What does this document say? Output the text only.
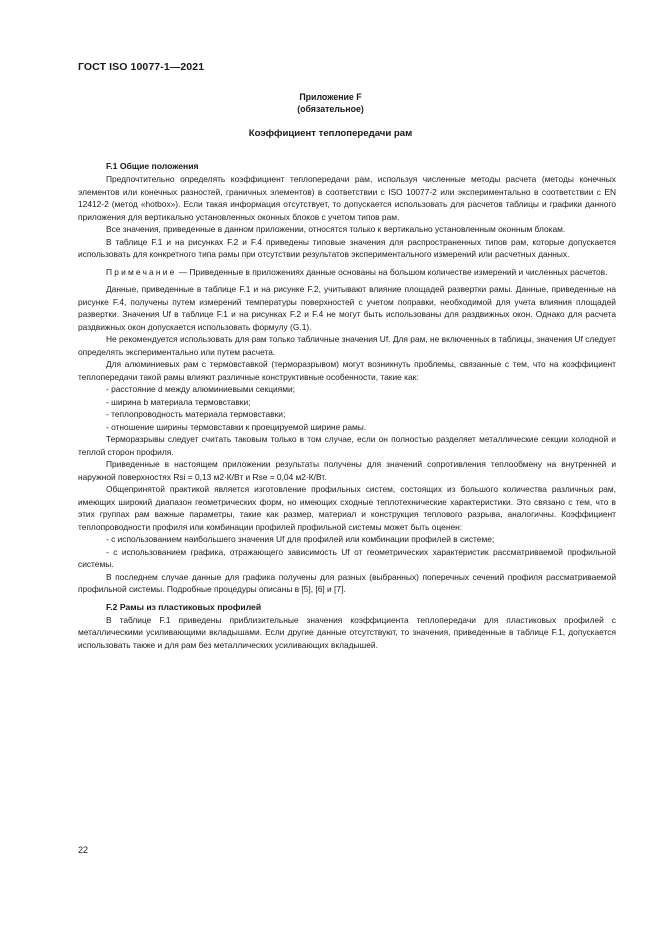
ГОСТ ISO 10077-1—2021
Приложение F
(обязательное)
Коэффициент теплопередачи рам
F.1 Общие положения

Предпочтительно определять коэффициент теплопередачи рам, используя численные методы расчета (методы конечных элементов или конечных разностей, граничных элементов) в соответствии с ISO 10077-2 или экспериментально в соответствии с EN 12412-2 (метод «hotbox»). Если такая информация отсутствует, то допускается использовать для расчетов таблицы и графики данного приложения для вертикально установленных оконных блоков с учетом типов рам.

Все значения, приведенные в данном приложении, относятся только к вертикально установленным оконным блокам.

В таблице F.1 и на рисунках F.2 и F.4 приведены типовые значения для распространенных типов рам, которые допускается использовать для конкретного типа рамы при отсутствии результатов экспериментального измерений или расчетных данных.

Примечание — Приведенные в приложениях данные основаны на большом количестве измерений и численных расчетов.

Данные, приведенные в таблице F.1 и на рисунке F.2, учитывают влияние площадей развертки рамы. Данные, приведенные на рисунке F.4, получены путем измерений температуры поверхностей с учетом поправки, необходимой для учета влияния площадей развертки. Значения Uf в таблице F.1 и на рисунках F.2 и F.4 не могут быть использованы для раздвижных окон. Однако для расчета раздвижных окон допускается использовать формулу (G.1).

Не рекомендуется использовать для рам только табличные значения Uf. Для рам, не включенных в таблицы, значения Uf следует определять экспериментально или путем расчета.

Для алюминиевых рам с термовставкой (терморазрывом) могут возникнуть проблемы, связанные с тем, что на коэффициент теплопередачи такой рамы влияют различные конструктивные особенности, такие как:

- расстояние d между алюминиевыми секциями;

- ширина b материала термовставки;

- теплопроводность материала термовставки;

- отношение ширины термовставки к проецируемой ширине рамы.

Терморазрывы следует считать таковым только в том случае, если он полностью разделяет металлические секции холодной и теплой сторон профиля.

Приведенные в настоящем приложении результаты получены для значений сопротивления теплообмену на внутренней и наружной поверхностях Rsi = 0,13 м2·К/Вт и Rse = 0,04 м2·К/Вт.

Общепринятой практикой является изготовление профильных систем, состоящих из большого количества различных рам, имеющих широкий диапазон геометрических форм, но имеющих сходные теплотехнические характеристики. Это связано с тем, что в этих группах рам важные параметры, такие как размер, материал и конструкция теплового разрыва, аналогичны. Коэффициент теплопроводности профиля или комбинации профилей профильной системы может быть оценен:

- с использованием наибольшего значения Uf для профилей или комбинации профилей в системе;

- с использованием графика, отражающего зависимость Uf от геометрических характеристик рассматриваемой профильной системы.

В последнем случае данные для графика получены для разных (выбранных) поперечных сечений профиля рассматриваемой профильной системы. Подробные процедуры описаны в [5], [6] и [7].

F.2 Рамы из пластиковых профилей

В таблице F.1 приведены приблизительные значения коэффициента теплопередачи для пластиковых профилей с металлическими усиливающими вкладышами. Если другие данные отсутствуют, то значения, приведенные в таблице F.1, допускается использовать также и для рам без металлических усиливающих вкладышей.

22
